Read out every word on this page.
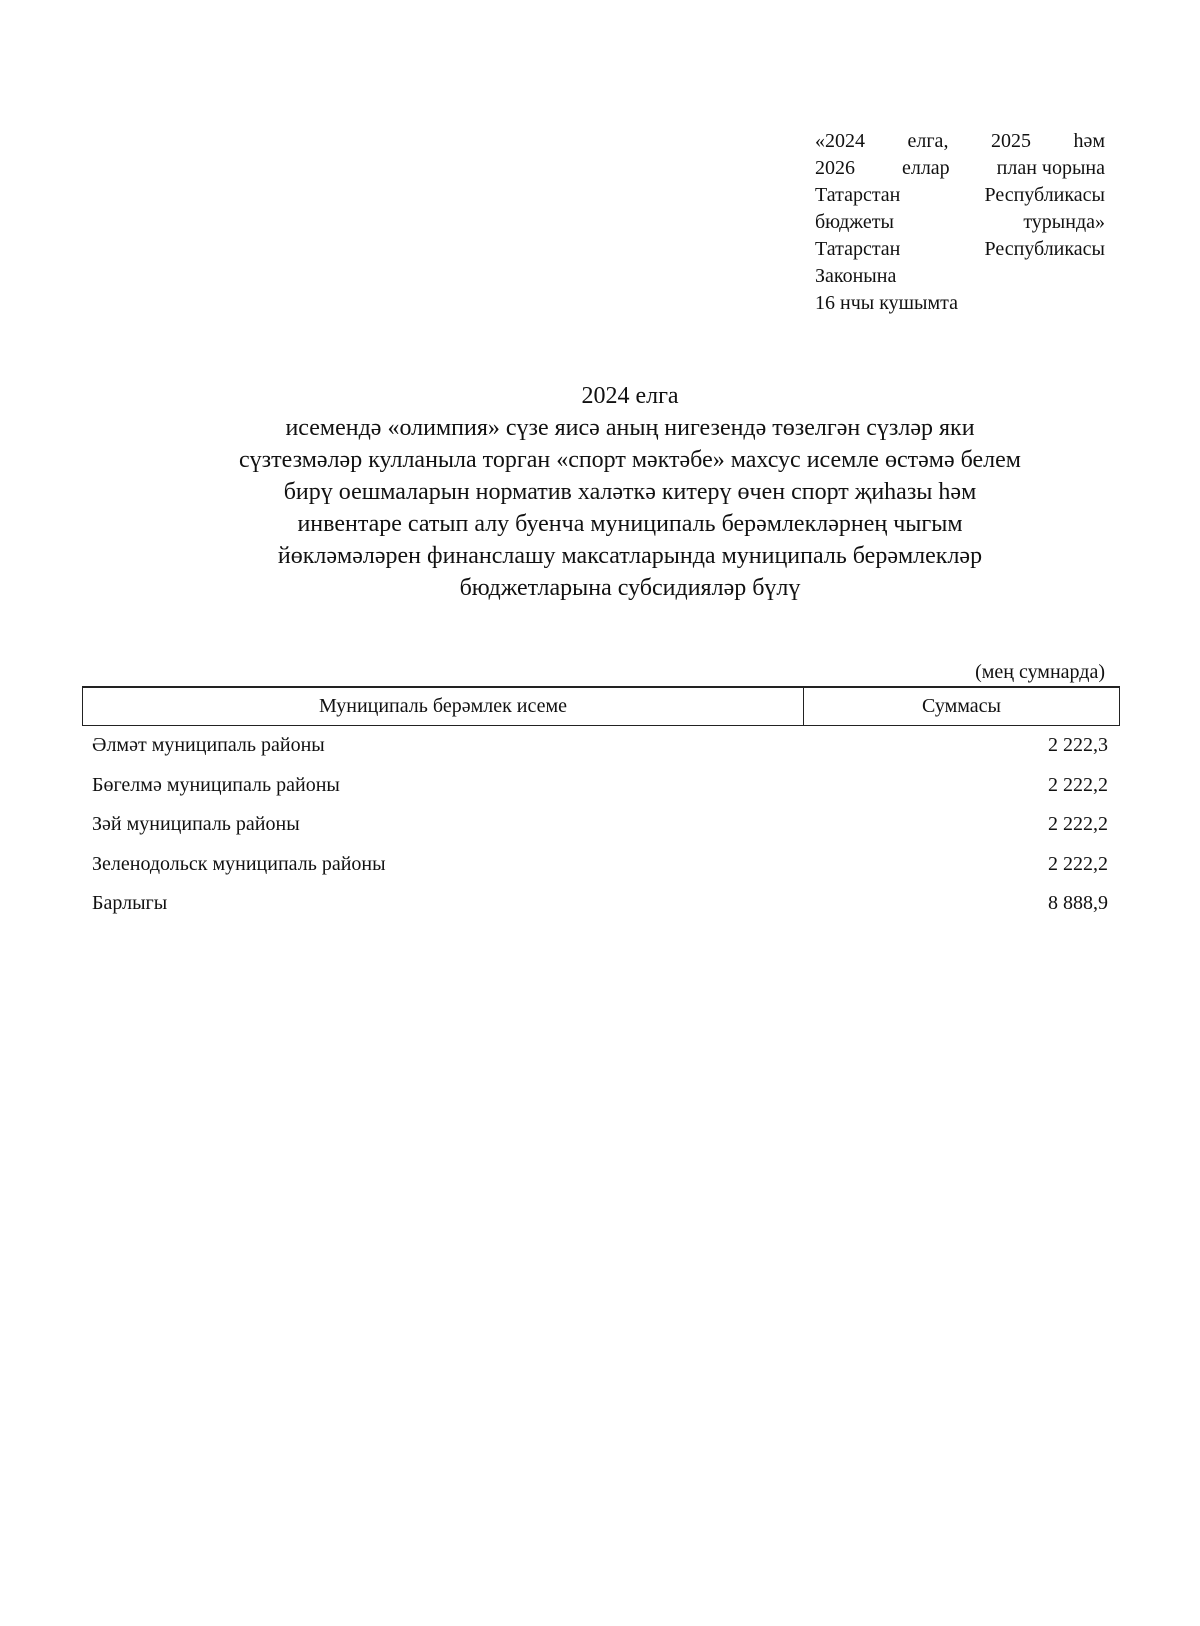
«2024 елга, 2025 һәм
2026 еллар план чорына
Татарстан	Республикасы
бюджеты	турында»
Татарстан	Республикасы
Законына
16 нчы кушымта
2024 елга
исемендә «олимпия» сүзе яисә аның нигезендә төзелгән сүзләр яки
сүзтезмәләр кулланыла торган «спорт мәктәбе» махсус исемле өстәмә белем
бирү оешмаларын норматив халәткә китерү өчен спорт җиһазы һәм
инвентаре сатып алу буенча муниципаль берәмлекләрнең чыгым
йөкләмәләрен финанслашу максатларында муниципаль берәмлекләр
бюджетларына субсидияләр бүлү
(мең сумнарда)
Муниципаль берәмлек исеме	Суммасы
Әлмәт муниципаль районы	2 222,3
Бөгелмә муниципаль районы	2 222,2
Зәй муниципаль районы	2 222,2
Зеленодольск муниципаль районы	2 222,2
Барлыгы	8 888,9
